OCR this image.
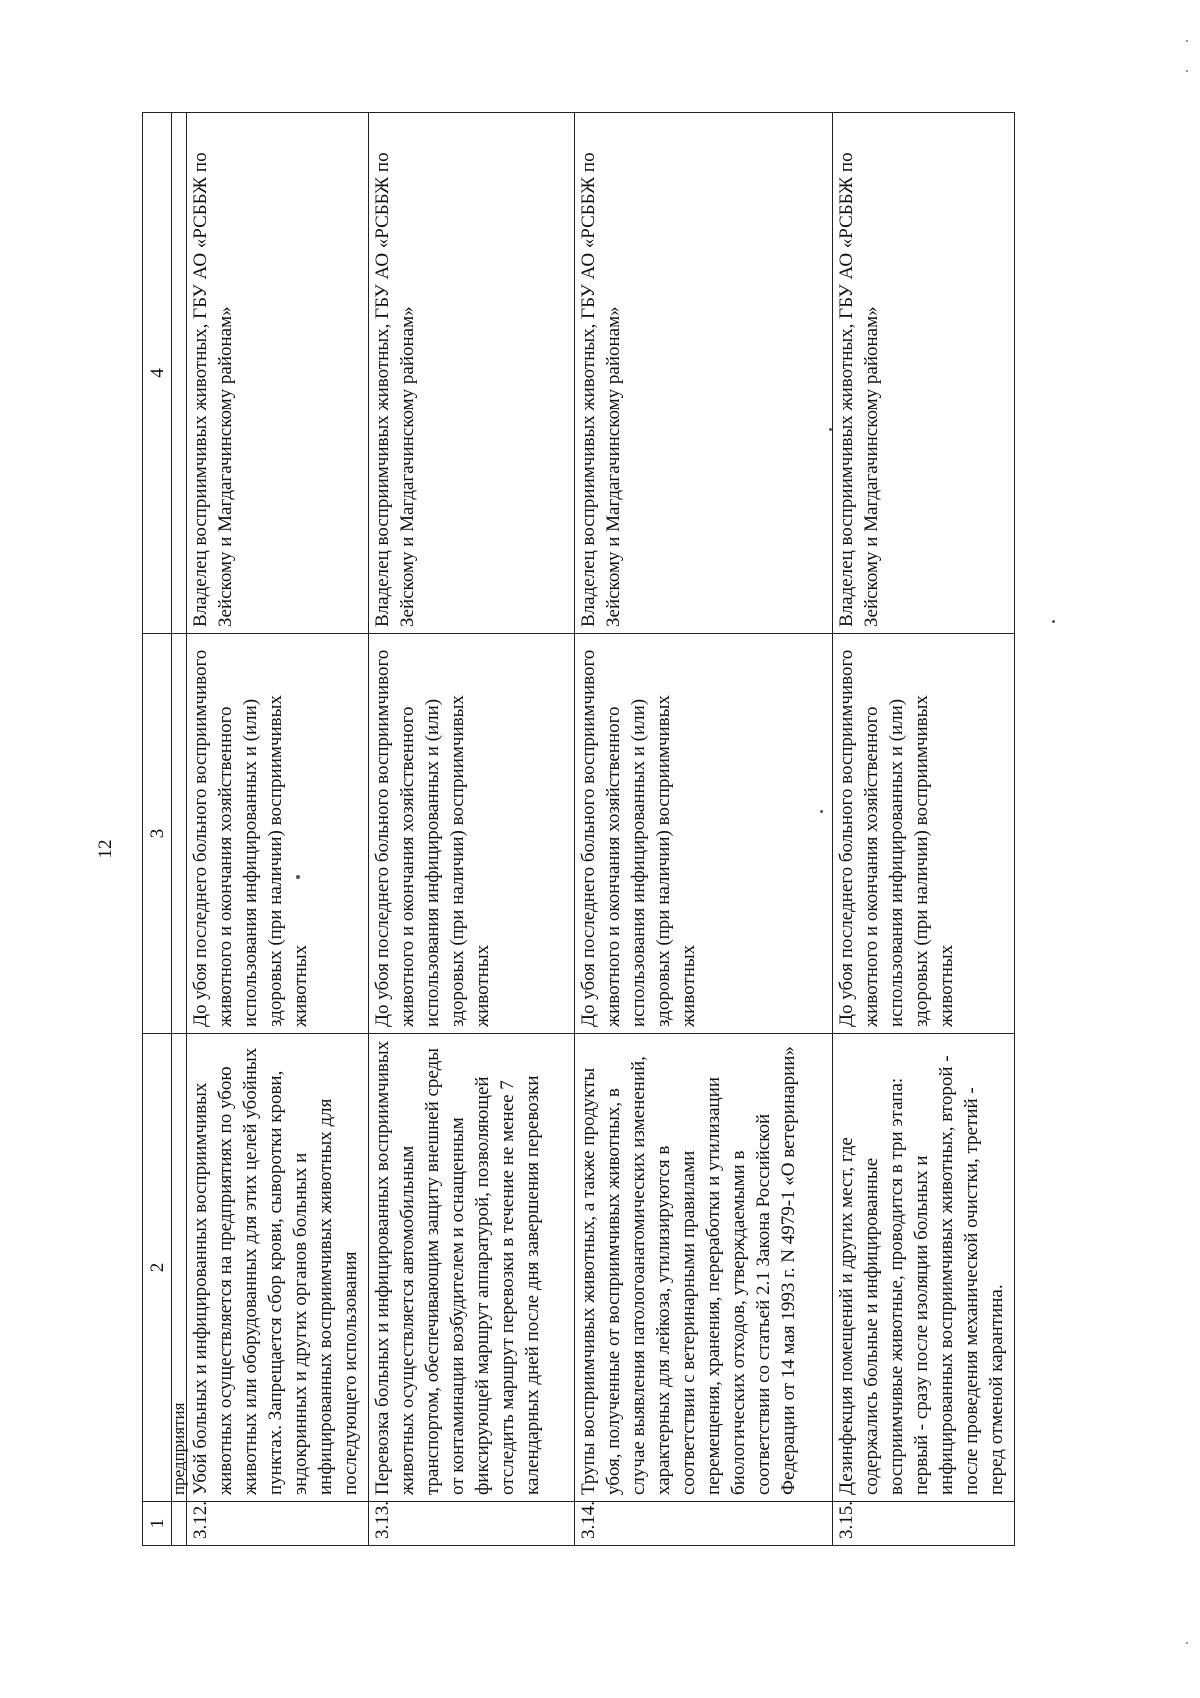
12
1	2	3	4
	предприятия		
3.12.	Убой больных и инфицированных восприимчивых животных осуществляется на предприятиях по убою животных или оборудованных для этих целей убойных пунктах. Запрещается сбор крови, сыворотки крови, эндокринных и других органов больных и инфицированных восприимчивых животных для последующего использования	До убоя последнего больного восприимчивого животного и окончания хозяйственного использования инфицированных и (или) здоровых (при наличии) восприимчивых животных	Владелец восприимчивых животных, ГБУ АО «РСББЖ по Зейскому и Магдагачинскому районам»
3.13.	Перевозка больных и инфицированных восприимчивых животных осуществляется автомобильным транспортом, обеспечивающим защиту внешней среды от контаминации возбудителем и оснащенным фиксирующей маршрут аппаратурой, позволяющей отследить маршрут перевозки в течение не менее 7 календарных дней после дня завершения перевозки	До убоя последнего больного восприимчивого животного и окончания хозяйственного использования инфицированных и (или) здоровых (при наличии) восприимчивых животных	Владелец восприимчивых животных, ГБУ АО «РСББЖ по Зейскому и Магдагачинскому районам»
3.14.	Трупы восприимчивых животных, а также продукты убоя, полученные от восприимчивых животных, в случае выявления патологоанатомических изменений, характерных для лейкоза, утилизируются в соответствии с ветеринарными правилами перемещения, хранения, переработки и утилизации биологических отходов, утверждаемыми в соответствии со статьей 2.1 Закона Российской Федерации от 14 мая 1993 г. N 4979-1 «О ветеринарии»	До убоя последнего больного восприимчивого животного и окончания хозяйственного использования инфицированных и (или) здоровых (при наличии) восприимчивых животных	Владелец восприимчивых животных, ГБУ АО «РСББЖ по Зейскому и Магдагачинскому районам»
3.15.	Дезинфекция помещений и других мест, где содержались больные и инфицированные восприимчивые животные, проводится в три этапа: первый - сразу после изоляции больных и инфицированных восприимчивых животных, второй - после проведения механической очистки, третий - перед отменой карантина.	До убоя последнего больного восприимчивого животного и окончания хозяйственного использования инфицированных и (или) здоровых (при наличии) восприимчивых животных	Владелец восприимчивых животных, ГБУ АО «РСББЖ по Зейскому и Магдагачинскому районам»
